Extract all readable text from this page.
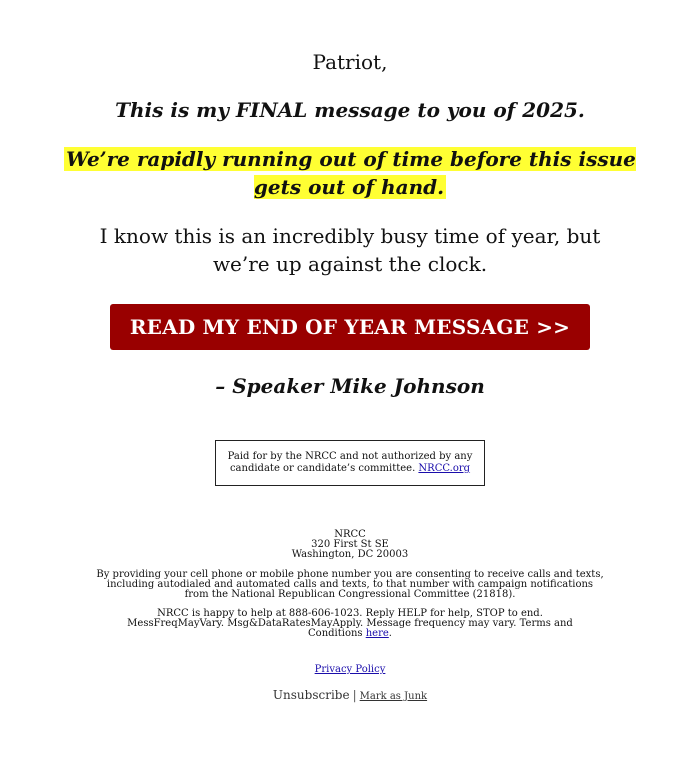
Patriot,

This is my FINAL message to you of 2025.

We’re rapidly running out of time before this issue gets out of hand.

I know this is an incredibly busy time of year, but we’re up against the clock.

READ MY END OF YEAR MESSAGE >>

– Speaker Mike Johnson

Paid for by the NRCC and not authorized by any candidate or candidate’s committee. NRCC.org

NRCC

320 First St SE

Washington, DC 20003

By providing your cell phone or mobile phone number you are consenting to receive calls and texts, including autodialed and automated calls and texts, to that number with campaign notifications from the National Republican Congressional Committee (21818).

NRCC is happy to help at 888-606-1023. Reply HELP for help, STOP to end. MessFreqMayVary. Msg&DataRatesMayApply. Message frequency may vary. Terms and Conditions here.

Privacy Policy

Unsubscribe | Mark as Junk
